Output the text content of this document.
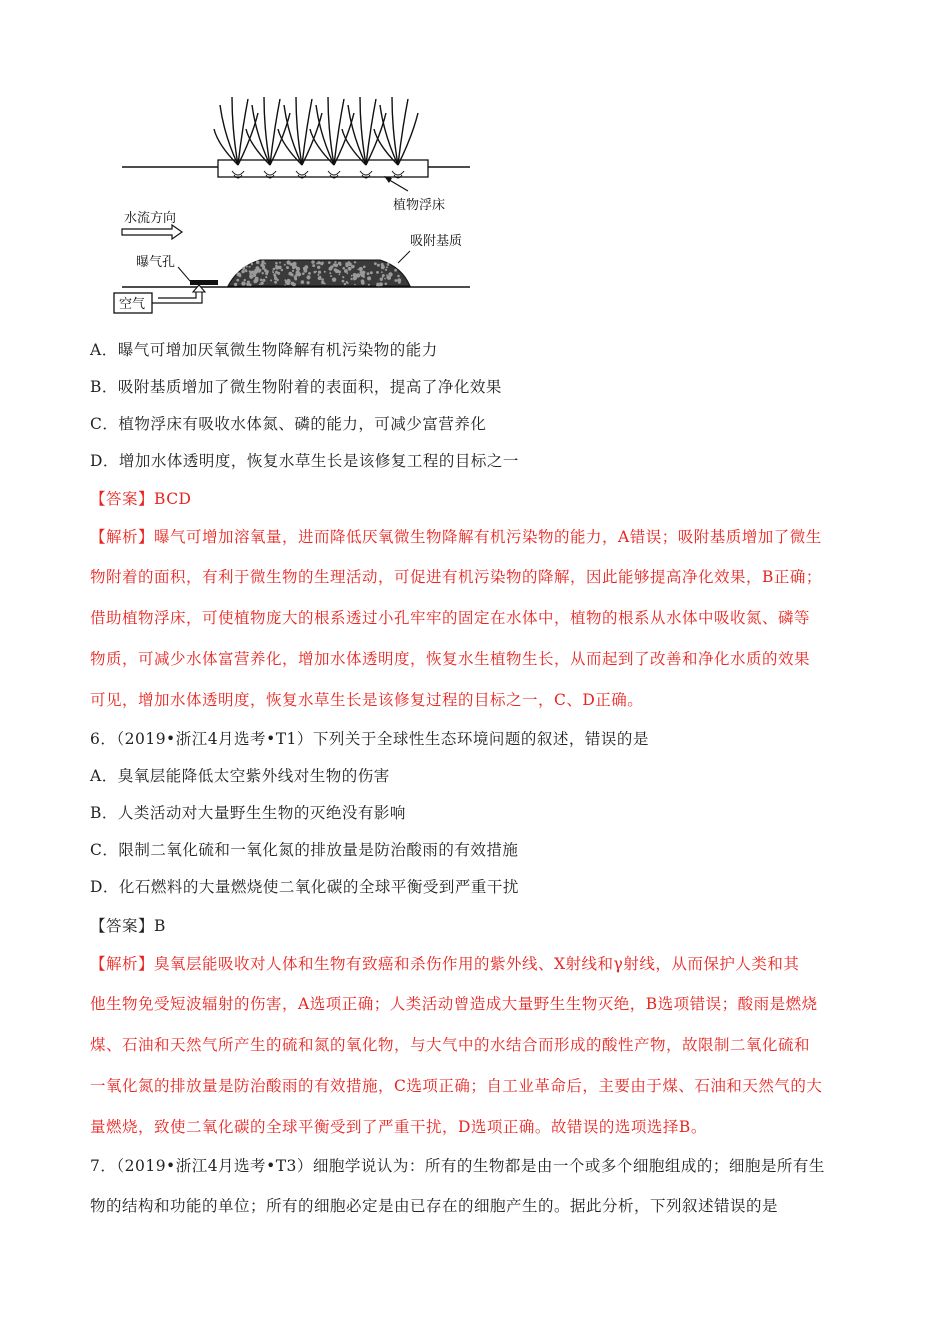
植物浮床
水流方向
吸附基质
曝气孔
空气
A．曝气可增加厌氧微生物降解有机污染物的能力
B．吸附基质增加了微生物附着的表面积，提高了净化效果
C．植物浮床有吸收水体氮、磷的能力，可减少富营养化
D．增加水体透明度，恢复水草生长是该修复工程的目标之一
【答案】BCD
【解析】曝气可增加溶氧量，进而降低厌氧微生物降解有机污染物的能力，A错误；吸附基质增加了微生
物附着的面积，有利于微生物的生理活动，可促进有机污染物的降解，因此能够提高净化效果，B正确；
借助植物浮床，可使植物庞大的根系透过小孔牢牢的固定在水体中，植物的根系从水体中吸收氮、磷等
物质，可减少水体富营养化，增加水体透明度，恢复水生植物生长，从而起到了改善和净化水质的效果
可见，增加水体透明度，恢复水草生长是该修复过程的目标之一，C、D正确。
6．（2019•浙江4月选考•T1）下列关于全球性生态环境问题的叙述，错误的是
A．臭氧层能降低太空紫外线对生物的伤害
B．人类活动对大量野生生物的灭绝没有影响
C．限制二氧化硫和一氧化氮的排放量是防治酸雨的有效措施
D．化石燃料的大量燃烧使二氧化碳的全球平衡受到严重干扰
【答案】B
【解析】臭氧层能吸收对人体和生物有致癌和杀伤作用的紫外线、X射线和γ射线，从而保护人类和其
他生物免受短波辐射的伤害，A选项正确；人类活动曾造成大量野生生物灭绝，B选项错误；酸雨是燃烧
煤、石油和天然气所产生的硫和氮的氧化物，与大气中的水结合而形成的酸性产物，故限制二氧化硫和
一氧化氮的排放量是防治酸雨的有效措施，C选项正确；自工业革命后，主要由于煤、石油和天然气的大
量燃烧，致使二氧化碳的全球平衡受到了严重干扰，D选项正确。故错误的选项选择B。
7．（2019•浙江4月选考•T3）细胞学说认为：所有的生物都是由一个或多个细胞组成的；细胞是所有生
物的结构和功能的单位；所有的细胞必定是由已存在的细胞产生的。据此分析，下列叙述错误的是
